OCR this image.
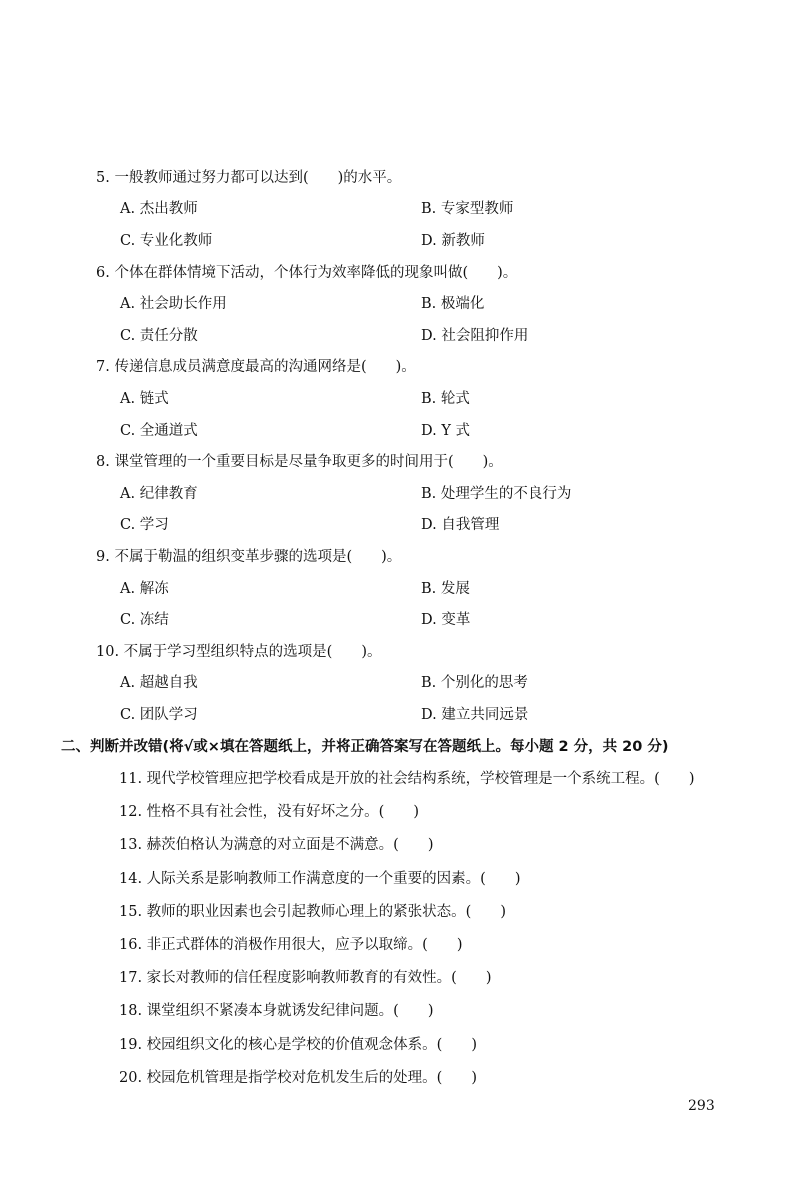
5. 一般教师通过努力都可以达到(　　)的水平。
A. 杰出教师	B. 专家型教师
C. 专业化教师	D. 新教师
6. 个体在群体情境下活动，个体行为效率降低的现象叫做(　　)。
A. 社会助长作用	B. 极端化
C. 责任分散	D. 社会阻抑作用
7. 传递信息成员满意度最高的沟通网络是(　　)。
A. 链式	B. 轮式
C. 全通道式	D. Y 式
8. 课堂管理的一个重要目标是尽量争取更多的时间用于(　　)。
A. 纪律教育	B. 处理学生的不良行为
C. 学习	D. 自我管理
9. 不属于勒温的组织变革步骤的选项是(　　)。
A. 解冻	B. 发展
C. 冻结	D. 变革
10. 不属于学习型组织特点的选项是(　　)。
A. 超越自我	B. 个别化的思考
C. 团队学习	D. 建立共同远景
二、判断并改错(将√或×填在答题纸上，并将正确答案写在答题纸上。每小题 2 分，共 20 分)
11. 现代学校管理应把学校看成是开放的社会结构系统，学校管理是一个系统工程。(　　)
12. 性格不具有社会性，没有好坏之分。(　　)
13. 赫茨伯格认为满意的对立面是不满意。(　　)
14. 人际关系是影响教师工作满意度的一个重要的因素。(　　)
15. 教师的职业因素也会引起教师心理上的紧张状态。(　　)
16. 非正式群体的消极作用很大，应予以取缔。(　　)
17. 家长对教师的信任程度影响教师教育的有效性。(　　)
18. 课堂组织不紧凑本身就诱发纪律问题。(　　)
19. 校园组织文化的核心是学校的价值观念体系。(　　)
20. 校园危机管理是指学校对危机发生后的处理。(　　)
293
